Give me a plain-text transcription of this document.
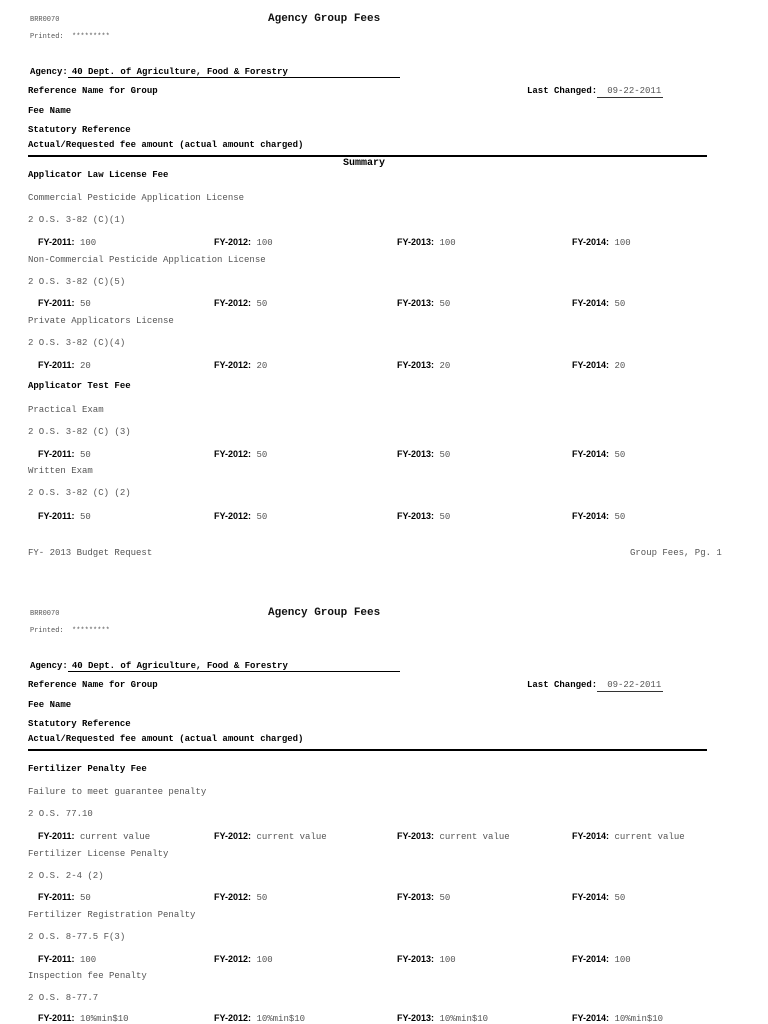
BRR0070	Agency Group Fees
Printed: *********
Agency: 40 Dept. of Agriculture, Food & Forestry
Reference Name for Group	Last Changed: 09-22-2011
Fee Name
Statutory Reference
Actual/Requested fee amount (actual amount charged)
Summary
Applicator Law License Fee
Commercial Pesticide Application License
2 O.S. 3-82 (C)(1)
FY-2011: 100	FY-2012: 100	FY-2013: 100	FY-2014: 100
Non-Commercial Pesticide Application License
2 O.S. 3-82 (C)(5)
FY-2011: 50	FY-2012: 50	FY-2013: 50	FY-2014: 50
Private Applicators License
2 O.S. 3-82 (C)(4)
FY-2011: 20	FY-2012: 20	FY-2013: 20	FY-2014: 20
Applicator Test Fee
Practical Exam
2 O.S. 3-82 (C) (3)
FY-2011: 50	FY-2012: 50	FY-2013: 50	FY-2014: 50
Written Exam
2 O.S. 3-82 (C) (2)
FY-2011: 50	FY-2012: 50	FY-2013: 50	FY-2014: 50
FY- 2013 Budget Request	Group Fees, Pg. 1
BRR0070	Agency Group Fees
Printed: *********
Agency: 40 Dept. of Agriculture, Food & Forestry
Reference Name for Group	Last Changed: 09-22-2011
Fee Name
Statutory Reference
Actual/Requested fee amount (actual amount charged)
Fertilizer Penalty Fee
Failure to meet guarantee penalty
2 O.S. 77.10
FY-2011: current value	FY-2012: current value	FY-2013: current value	FY-2014: current value
Fertilizer License Penalty
2 O.S. 2-4 (2)
FY-2011: 50	FY-2012: 50	FY-2013: 50	FY-2014: 50
Fertilizer Registration Penalty
2 O.S. 8-77.5 F(3)
FY-2011: 100	FY-2012: 100	FY-2013: 100	FY-2014: 100
Inspection fee Penalty
2 O.S. 8-77.7
FY-2011: 10%min$10	FY-2012: 10%min$10	FY-2013: 10%min$10	FY-2014: 10%min$10
